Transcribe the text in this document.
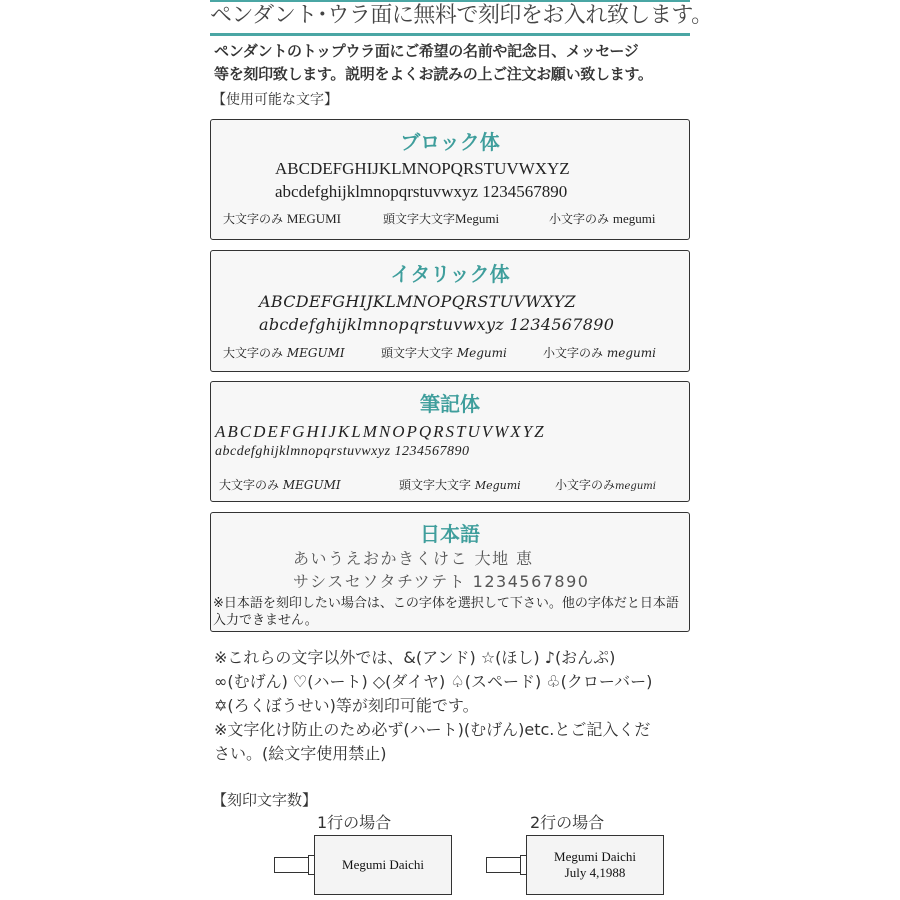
ペンダント･ウラ面に無料で刻印をお入れ致します。
ペンダントのトップウラ面にご希望の名前や記念日、メッセージ
等を刻印致します。説明をよくお読みの上ご注文お願い致します。
【使用可能な文字】
ブロック体
ABCDEFGHIJKLMNOPQRSTUVWXYZ
abcdefghijklmnopqrstuvwxyz 1234567890
大文字のみ MEGUMI	頭文字大文字Megumi	小文字のみ megumi
イタリック体
ABCDEFGHIJKLMNOPQRSTUVWXYZ
abcdefghijklmnopqrstuvwxyz 1234567890
大文字のみ MEGUMI	頭文字大文字 Megumi	小文字のみ megumi
筆記体
ABCDEFGHIJKLMNOPQRSTUVWXYZ
abcdefghijklmnopqrstuvwxyz 1234567890
大文字のみ MEGUMI	頭文字大文字 Megumi	小文字のみmegumi
日本語
あいうえおかきくけこ 大地 恵
サシスセソタチツテト 1234567890
※日本語を刻印したい場合は、この字体を選択して下さい。他の字体だと日本語入力できません。
※これらの文字以外では、&(アンド) ☆(ほし) ♪(おんぷ)
∞(むげん) ♡(ハート) ◇(ダイヤ) ♤(スペード) ♧(クローバー)
✡(ろくぼうせい)等が刻印可能です。
※文字化け防止のため必ず(ハート)(むげん)etc.とご記入くだ
さい。(絵文字使用禁止)
【刻印文字数】
1行の場合
Megumi Daichi
2行の場合
Megumi Daichi
July 4,1988
